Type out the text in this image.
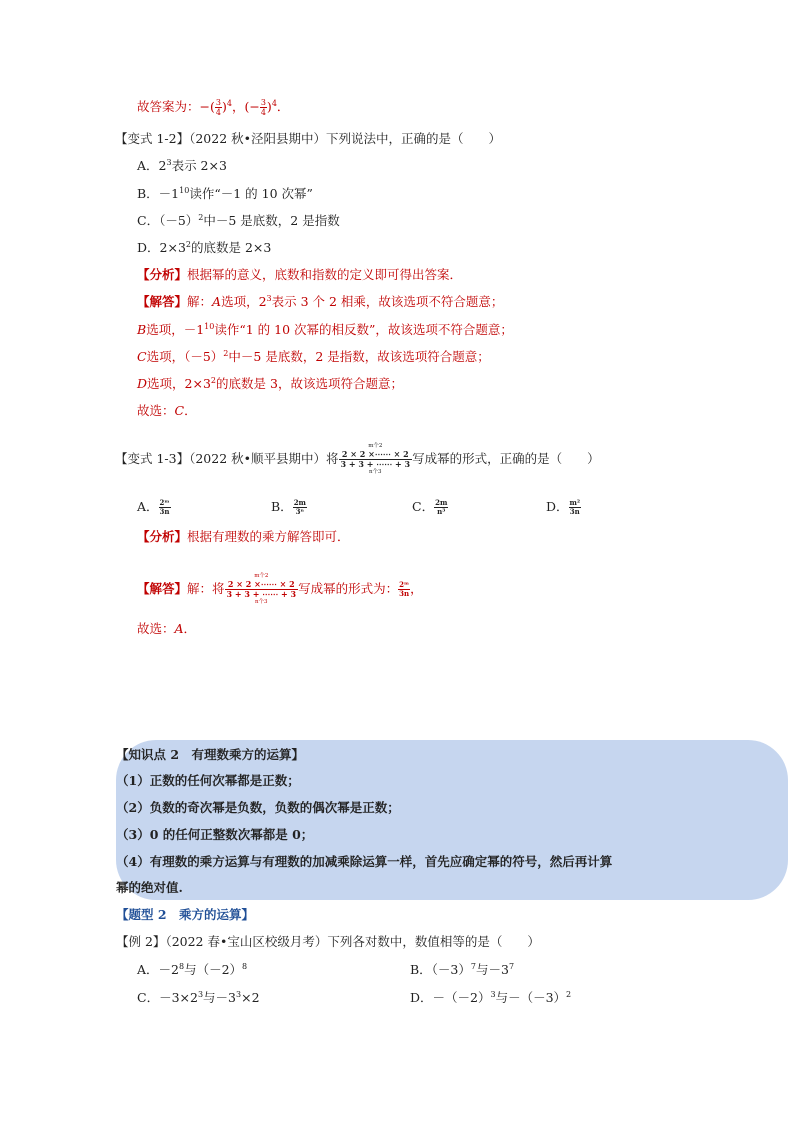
故答案为：−( $\frac{3}{4} )^4$，(− $\frac{3}{4} )^4$．
【变式 1-2】（2022 秋•泾阳县期中）下列说法中，正确的是（　　）
A．$2^3$表示 2×3
B．$-1^{10}$读作“－1 的 10 次幂”
C．$(-5)^2$中－5 是底数，2 是指数
D．$2\times 3^2$的底数是 2×3
【分析】根据幂的意义，底数和指数的定义即可得出答案．
【解答】解：A选项，$2^3$表示 3 个 2 相乘，故该选项不符合题意；
B选项，$-1^{10}$读作“1 的 10 次幂的相反数”，故该选项不符合题意；
C选项，$(-5)^2$中－5 是底数，2 是指数，故该选项符合题意；
D选项，$2\times 3^2$的底数是 3，故该选项符合题意；
故选：C．
【变式 1-3】（2022 秋•顺平县期中）将
m个2
2 × 2 ×⋯⋯ × 2
3 + 3 + ⋯⋯ + 3
n个3
写成幂的形式，正确的是（　　）
A． $\frac{\text{2ᵐ}}{3n}$	B． $\frac{2m}{\text{3ⁿ}}$	C． $\frac{2m}{\text{n³}}$	D． $\frac{\text{m²}}{3n}$
【分析】根据有理数的乘方解答即可．
【解答】解：将
m个2
2 × 2 ×⋯⋯ × 2
3 + 3 + ⋯⋯ + 3
n个3
写成幂的形式为： $\frac{\text{2ᵐ}}{3n}$ ，
故选：A．
【知识点 2　有理数乘方的运算】
（1）正数的任何次幂都是正数；
（2）负数的奇次幂是负数，负数的偶次幂是正数；
（3）0 的任何正整数次幂都是 0；
（4）有理数的乘方运算与有理数的加减乘除运算一样，首先应确定幂的符号，然后再计算
幂的绝对值.
【题型 2　乘方的运算】
【例 2】（2022 春•宝山区校级月考）下列各对数中，数值相等的是（　　）
A．$-2^8$与$(-2)^8$	B．$(-3)^7$与$-3^7$
C．$-3\times 2^3$与$-3^3\times 2$	D．$-(-2)^3$与$-(-3)^2$
